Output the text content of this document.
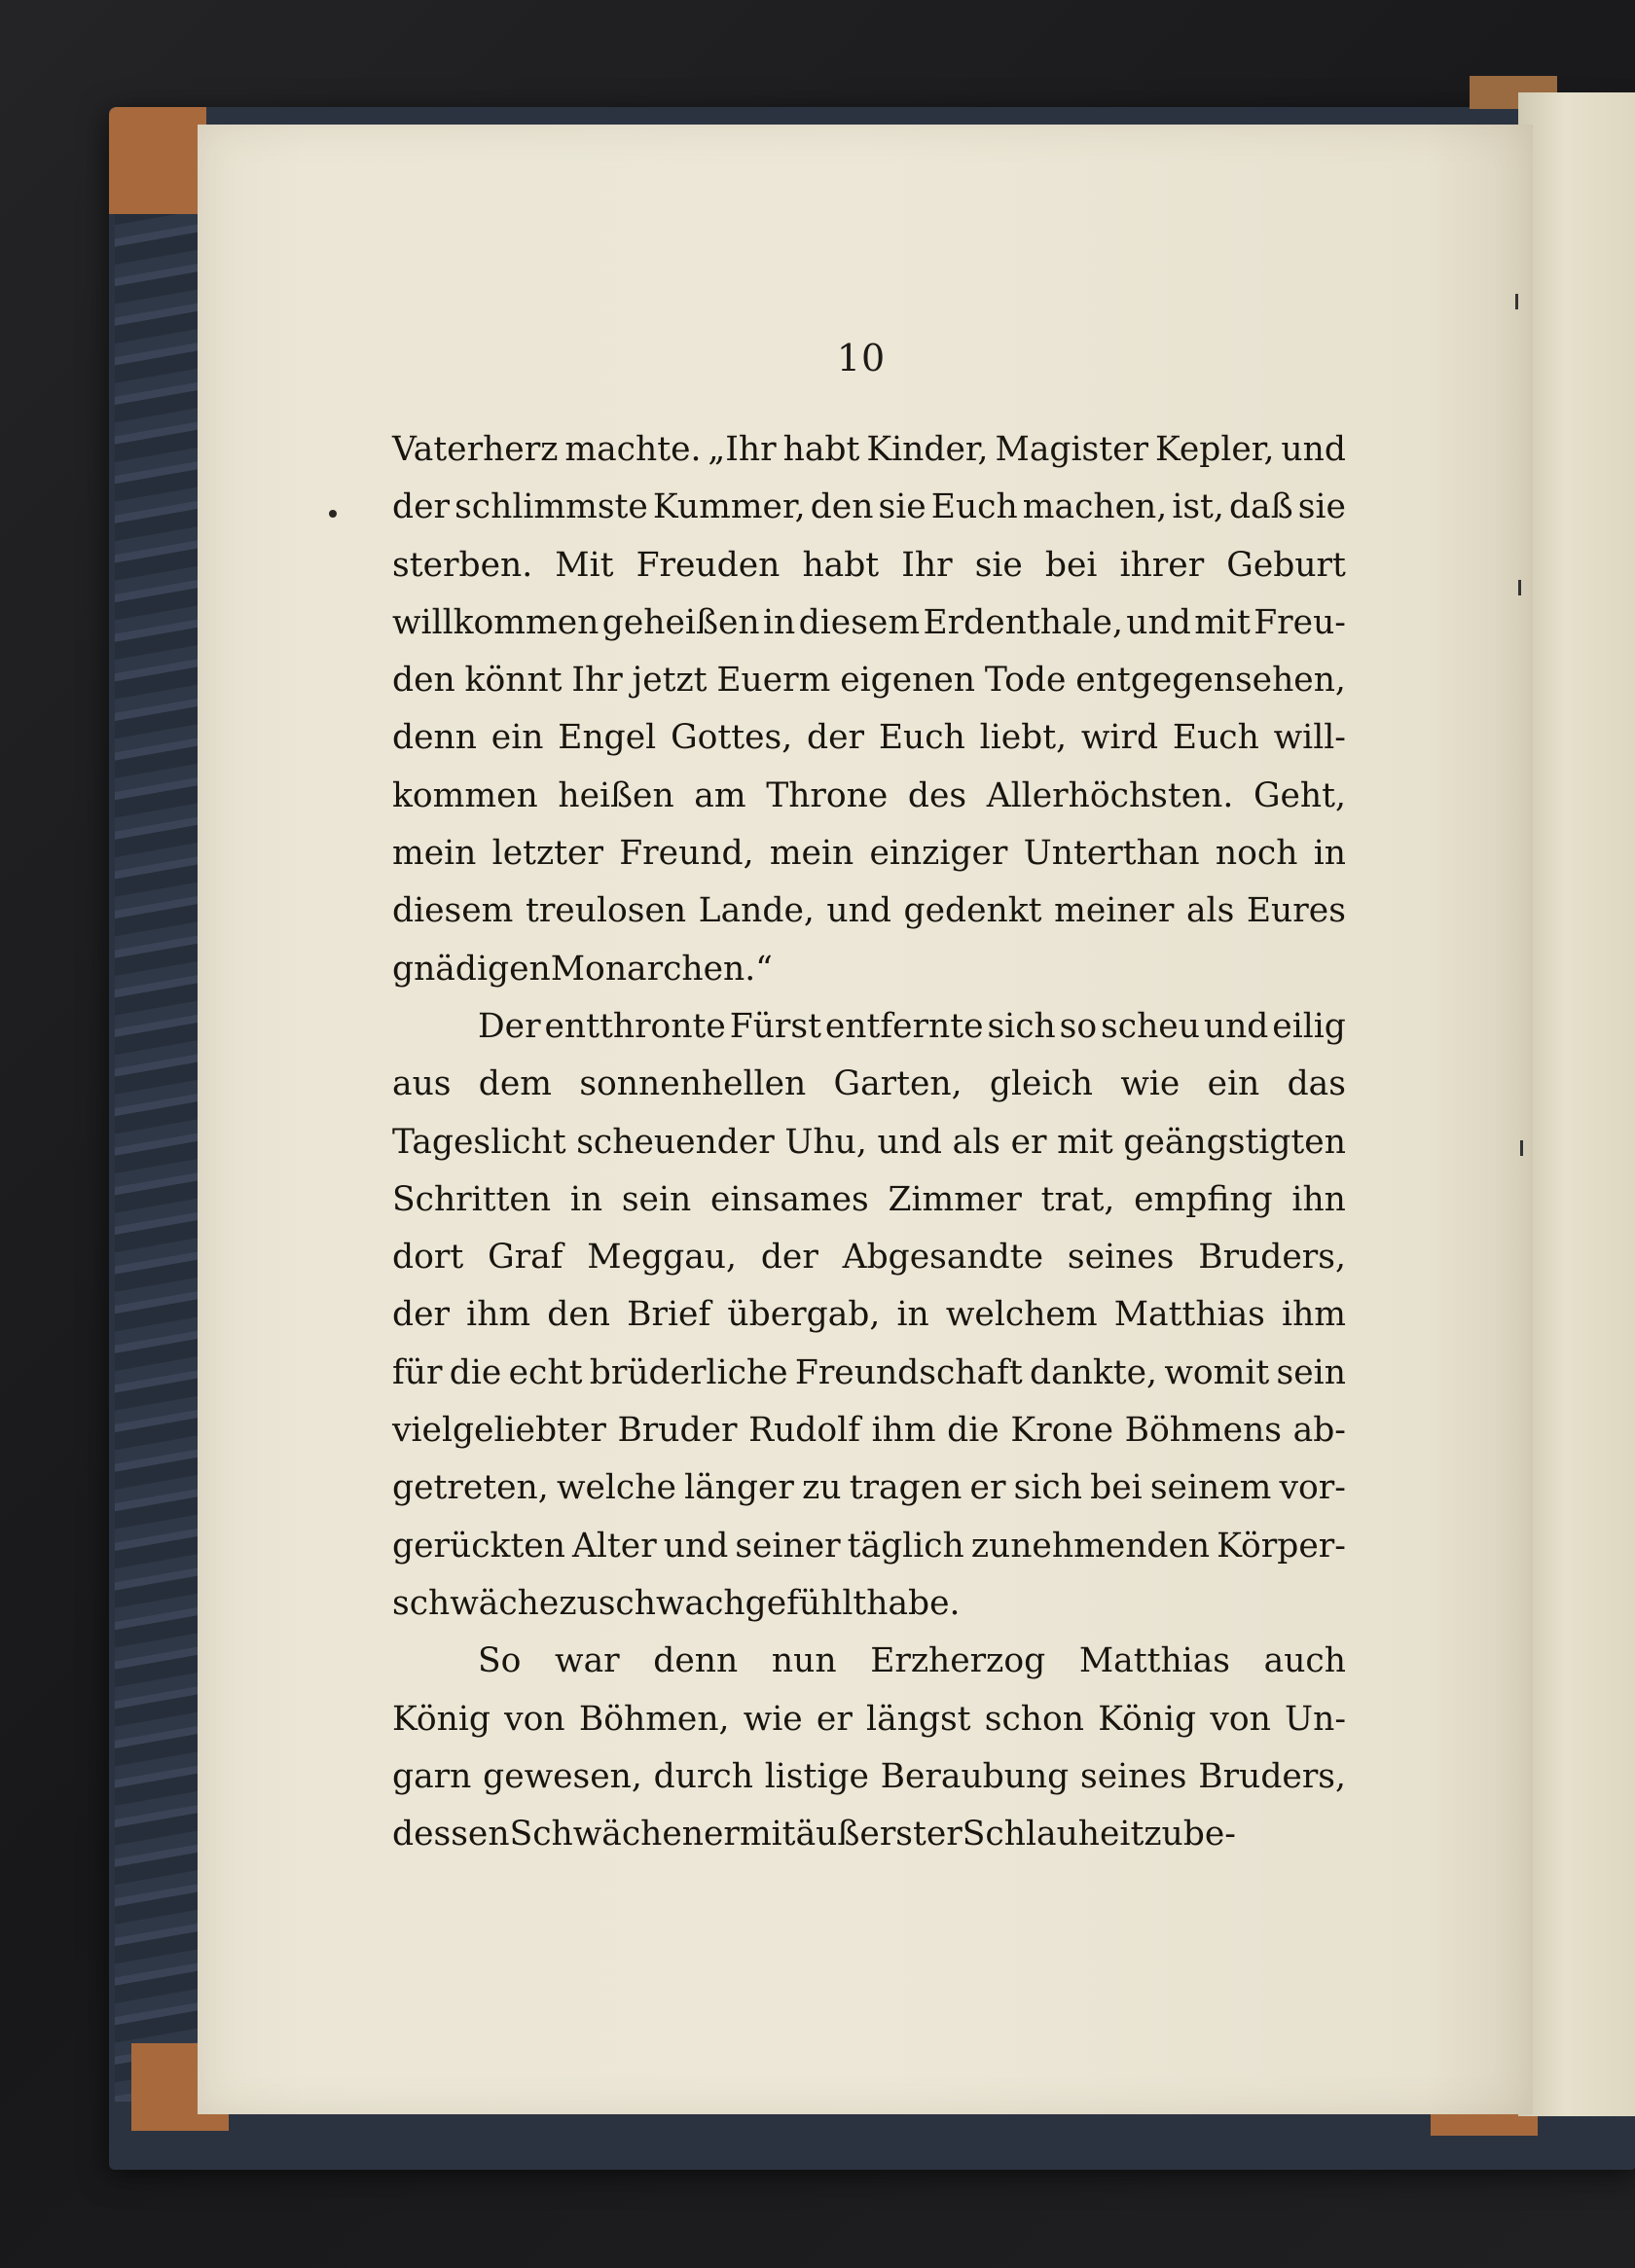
10
Vaterherz machte. „Ihr habt Kinder, Magister Kepler, und
der schlimmste Kummer, den sie Euch machen, ist, daß sie
sterben. Mit Freuden habt Ihr sie bei ihrer Geburt
willkommen geheißen in diesem Erdenthale, und mit Freu-
den könnt Ihr jetzt Euerm eigenen Tode entgegensehen,
denn ein Engel Gottes, der Euch liebt, wird Euch will-
kommen heißen am Throne des Allerhöchsten. Geht,
mein letzter Freund, mein einziger Unterthan noch in
diesem treulosen Lande, und gedenkt meiner als Eures
gnädigen Monarchen.“
Der entthronte Fürst entfernte sich so scheu und eilig
aus dem sonnenhellen Garten, gleich wie ein das
Tageslicht scheuender Uhu, und als er mit geängstigten
Schritten in sein einsames Zimmer trat, empfing ihn
dort Graf Meggau, der Abgesandte seines Bruders,
der ihm den Brief übergab, in welchem Matthias ihm
für die echt brüderliche Freundschaft dankte, womit sein
vielgeliebter Bruder Rudolf ihm die Krone Böhmens ab-
getreten, welche länger zu tragen er sich bei seinem vor-
gerückten Alter und seiner täglich zunehmenden Körper-
schwäche zu schwach gefühlt habe.
So war denn nun Erzherzog Matthias auch
König von Böhmen, wie er längst schon König von Un-
garn gewesen, durch listige Beraubung seines Bruders,
dessen Schwächen er mit äußerster Schlauheit zu be-
